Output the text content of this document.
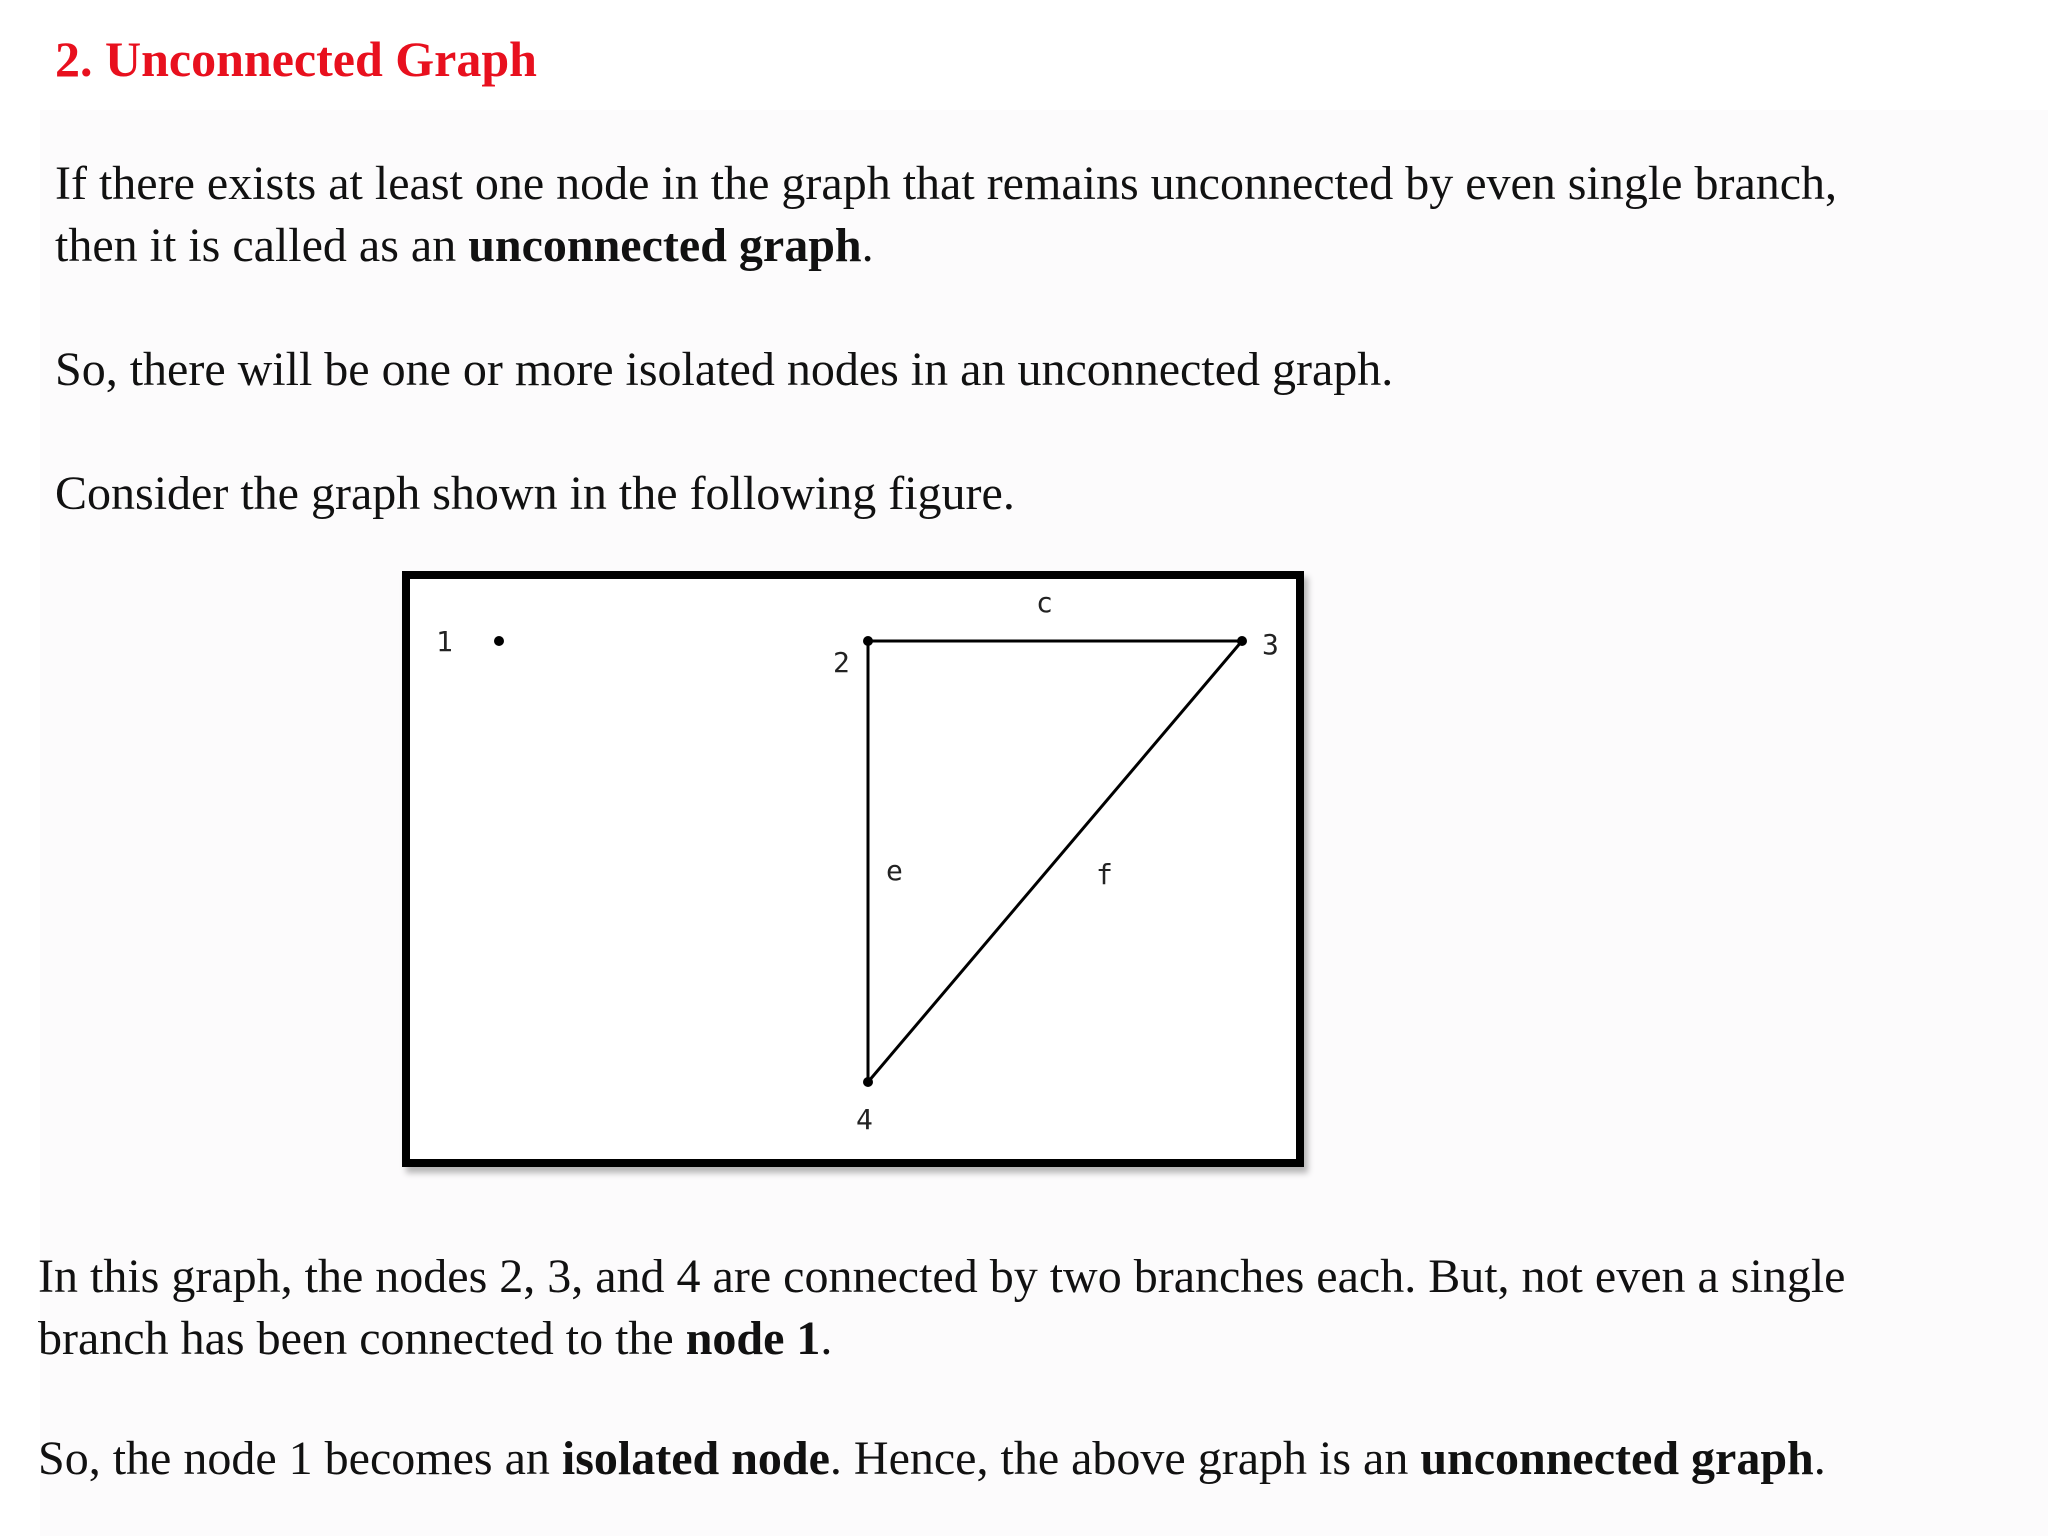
2. Unconnected Graph

If there exists at least one node in the graph that remains unconnected by even single branch,
then it is called as an unconnected graph.

So, there will be one or more isolated nodes in an unconnected graph.

Consider the graph shown in the following figure.

1
2
3
4
c
e	f

In this graph, the nodes 2, 3, and 4 are connected by two branches each. But, not even a single
branch has been connected to the node 1.

So, the node 1 becomes an isolated node. Hence, the above graph is an unconnected graph.
